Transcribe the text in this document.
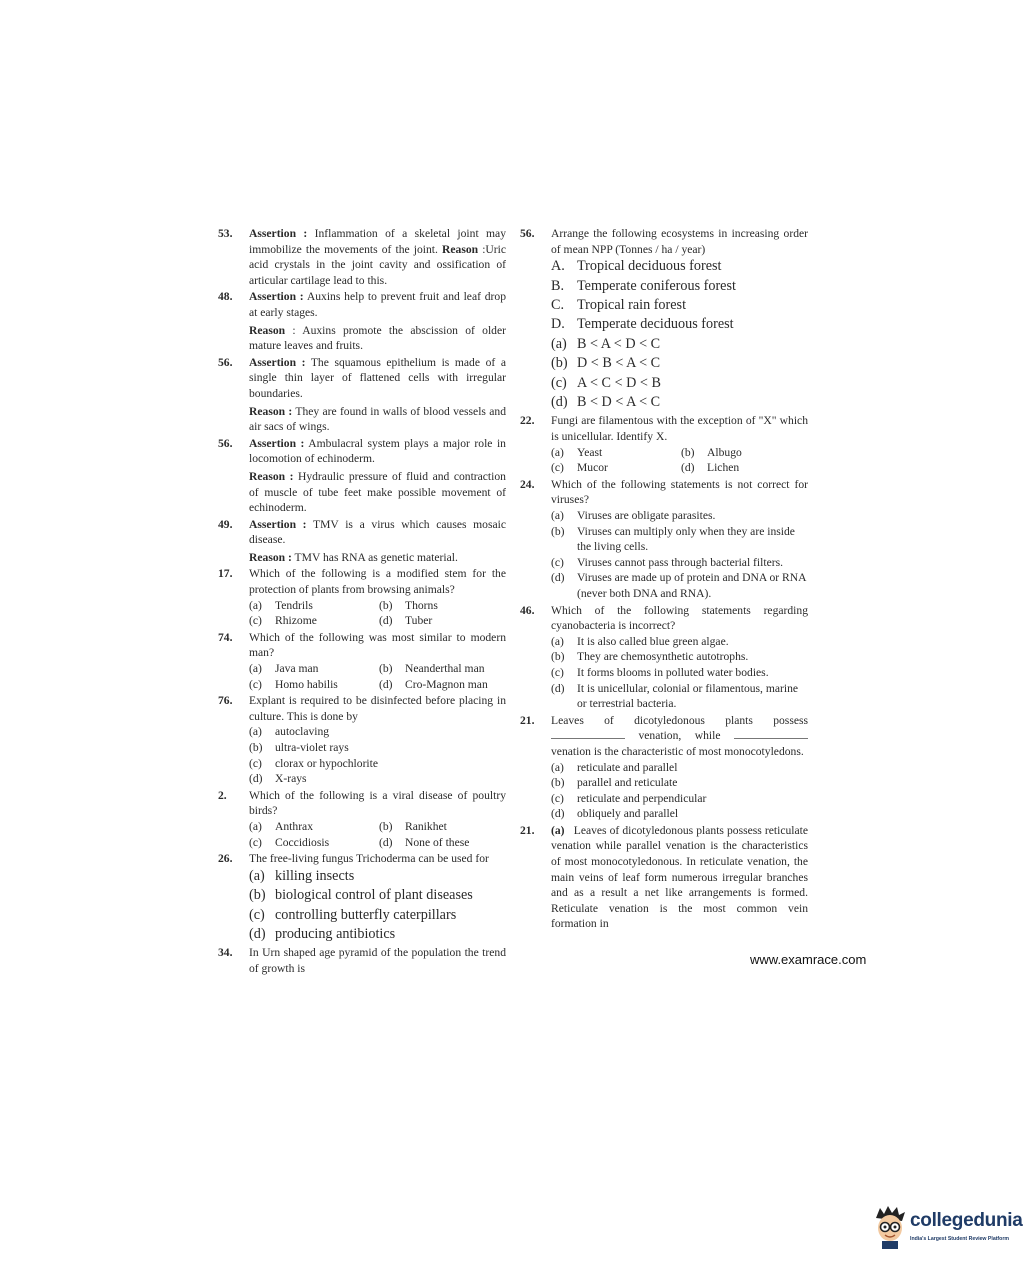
53. Assertion : Inflammation of a skeletal joint may immobilize the movements of the joint. Reason :Uric acid crystals in the joint cavity and ossification of articular cartilage lead to this.

48. Assertion : Auxins help to prevent fruit and leaf drop at early stages.

Reason : Auxins promote the abscission of older mature leaves and fruits.

56. Assertion : The squamous epithelium is made of a single thin layer of flattened cells with irregular boundaries.

Reason : They are found in walls of blood vessels and air sacs of wings.

56. Assertion : Ambulacral system plays a major role in locomotion of echinoderm.

Reason : Hydraulic pressure of fluid and contraction of muscle of tube feet make possible movement of echinoderm.

49. Assertion : TMV is a virus which causes mosaic disease.

Reason : TMV has RNA as genetic material.

17. Which of the following is a modified stem for the protection of plants from browsing animals?

(a) Tendrils	(b) Thorns
(c) Rhizome	(d) Tuber
74. Which of the following was most similar to modern man?

(a) Java man	(b) Neanderthal man
(c) Homo habilis	(d) Cro-Magnon man
76. Explant is required to be disinfected before placing in culture. This is done by

(a) autoclaving
(b) ultra-violet rays
(c) clorax or hypochlorite
(d) X-rays
2. Which of the following is a viral disease of poultry birds?

(a) Anthrax	(b) Ranikhet
(c) Coccidiosis	(d) None of these
26. The free-living fungus Trichoderma can be used for

(a) killing insects
(b) biological control of plant diseases
(c) controlling butterfly caterpillars
(d) producing antibiotics
34. In Urn shaped age pyramid of the population the trend of growth is

56. Arrange the following ecosystems in increasing order of mean NPP (Tonnes / ha / year)

A. Tropical deciduous forest
B. Temperate coniferous forest
C. Tropical rain forest
D. Temperate deciduous forest
(a) B < A < D < C
(b) D < B < A < C
(c) A < C < D < B
(d) B < D < A < C
22. Fungi are filamentous with the exception of "X" which is unicellular. Identify X.

(a) Yeast	(b) Albugo
(c) Mucor	(d) Lichen
24. Which of the following statements is not correct for viruses?

(a) Viruses are obligate parasites.
(b) Viruses can multiply only when they are inside the living cells.
(c) Viruses cannot pass through bacterial filters.
(d) Viruses are made up of protein and DNA or RNA (never both DNA and RNA).
46. Which of the following statements regarding cyanobacteria is incorrect?

(a) It is also called blue green algae.
(b) They are chemosynthetic autotrophs.
(c) It forms blooms in polluted water bodies.
(d) It is unicellular, colonial or filamentous, marine or terrestrial bacteria.
21. Leaves of dicotyledonous plants possess  venation, while  venation is the characteristic of most monocotyledons.

(a) reticulate and parallel
(b) parallel and reticulate
(c) reticulate and perpendicular
(d) obliquely and parallel
21. (a) Leaves of dicotyledonous plants possess reticulate venation while parallel venation is the characteristics of most monocotyledonous. In reticulate venation, the main veins of leaf form numerous irregular branches and as a result a net like arrangements is formed. Reticulate venation is the most common vein formation in

www.examrace.com
collegedunia
India's Largest Student Review Platform
